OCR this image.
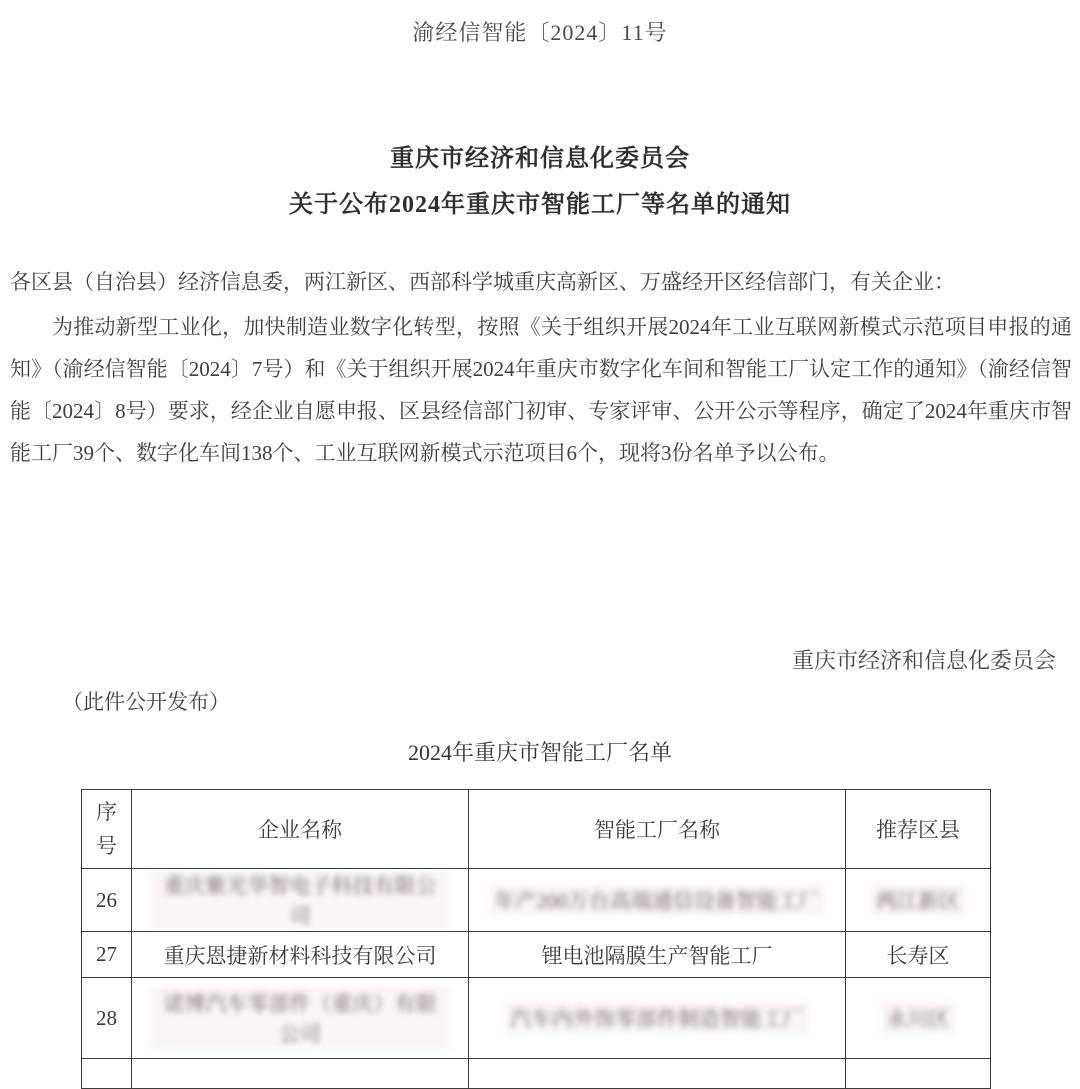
渝经信智能〔2024〕11号
重庆市经济和信息化委员会
关于公布2024年重庆市智能工厂等名单的通知
各区县（自治县）经济信息委，两江新区、西部科学城重庆高新区、万盛经开区经信部门，有关企业：
为推动新型工业化，加快制造业数字化转型，按照《关于组织开展2024年工业互联网新模式示范项目申报的通知》（渝经信智能〔2024〕7号）和《关于组织开展2024年重庆市数字化车间和智能工厂认定工作的通知》（渝经信智能〔2024〕8号）要求，经企业自愿申报、区县经信部门初审、专家评审、公开公示等程序，确定了2024年重庆市智能工厂39个、数字化车间138个、工业互联网新模式示范项目6个，现将3份名单予以公布。
重庆市经济和信息化委员会
（此件公开发布）
2024年重庆市智能工厂名单
序号	企业名称	智能工厂名称	推荐区县
26	重庆紫光华智电子科技有限公司	年产200万台高端通信设备智能工厂	两江新区
27	重庆恩捷新材料科技有限公司	锂电池隔膜生产智能工厂	长寿区
28	诺博汽车零部件（重庆）有限公司	汽车内外饰零部件制造智能工厂	永川区
